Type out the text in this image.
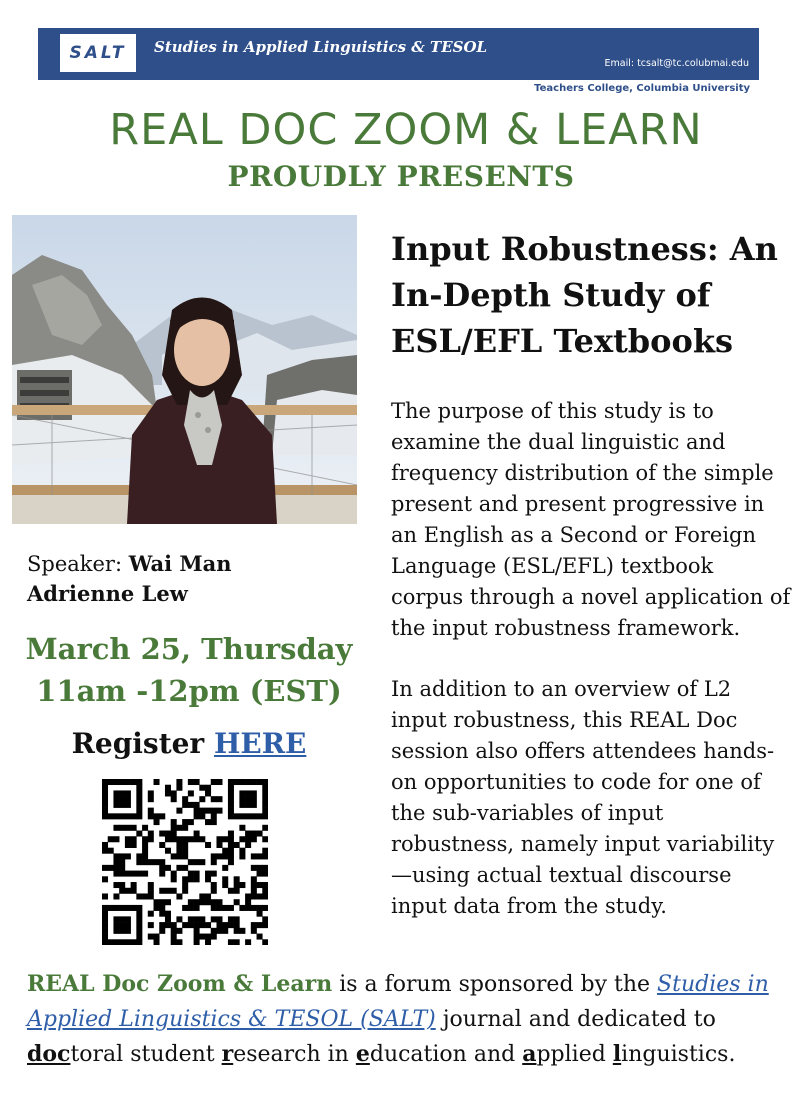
SALT Studies in Applied Linguistics & TESOL
Email: tcsalt@tc.colubmai.edu
Teachers College, Columbia University
REAL DOC ZOOM & LEARN
PROUDLY PRESENTS
Speaker: Wai Man Adrienne Lew
March 25, Thursday
11am -12pm (EST)
Register HERE
Input Robustness: An In-Depth Study of ESL/EFL Textbooks
The purpose of this study is to examine the dual linguistic and frequency distribution of the simple present and present progressive in an English as a Second or Foreign Language (ESL/EFL) textbook corpus through a novel application of the input robustness framework.
In addition to an overview of L2 input robustness, this REAL Doc session also offers attendees hands-on opportunities to code for one of the sub-variables of input robustness, namely input variability—using actual textual discourse input data from the study.
REAL Doc Zoom & Learn is a forum sponsored by the Studies in Applied Linguistics & TESOL (SALT) journal and dedicated to doctoral student research in education and applied linguistics.
